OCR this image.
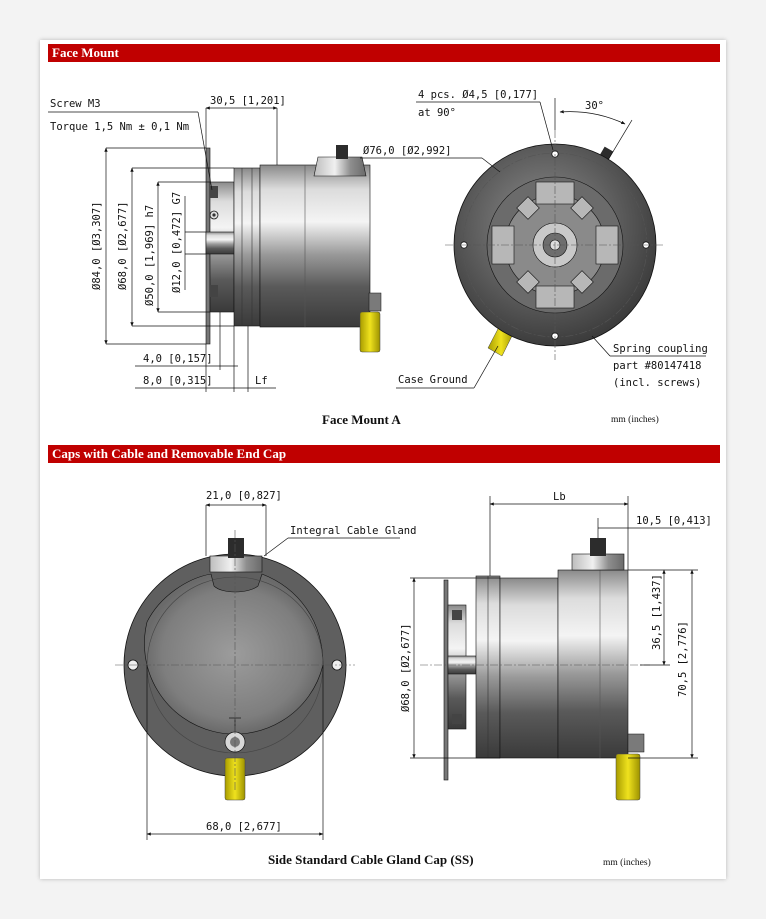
Face Mount
Caps with Cable and Removable End Cap
Screw M3
Torque 1,5 Nm ± 0,1 Nm
30,5 [1,201]
Ø84,0 [Ø3,307] Ø68,0 [Ø2,677] Ø50,0 [1,969] h7 Ø12,0 [0,472] G7
4,0 [0,157]
8,0 [0,315]	Lf
4 pcs. Ø4,5 [0,177]
at 90°
30°
Ø76,0 [Ø2,992]
Case Ground
Spring coupling
part #80147418
(incl. screws)
Face Mount A	mm (inches)
21,0 [0,827]
Integral Cable Gland
68,0 [2,677]
Lb
10,5 [0,413]
Ø68,0 [Ø2,677]
36,5 [1,437]
70,5 [2,776]
Side Standard Cable Gland Cap (SS)	mm (inches)
